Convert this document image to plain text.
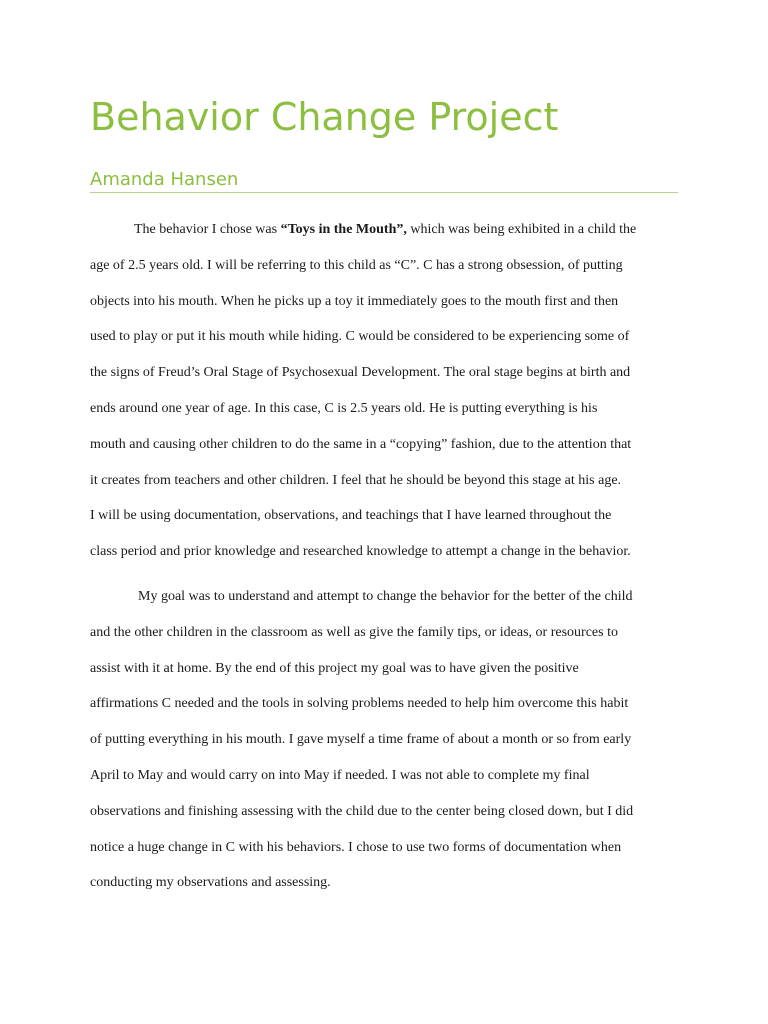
Behavior Change Project
Amanda Hansen
The behavior I chose was “Toys in the Mouth”, which was being exhibited in a child the
age of 2.5 years old. I will be referring to this child as “C”. C has a strong obsession, of putting
objects into his mouth. When he picks up a toy it immediately goes to the mouth first and then
used to play or put it his mouth while hiding. C would be considered to be experiencing some of
the signs of Freud’s Oral Stage of Psychosexual Development. The oral stage begins at birth and
ends around one year of age. In this case, C is 2.5 years old. He is putting everything is his
mouth and causing other children to do the same in a “copying” fashion, due to the attention that
it creates from teachers and other children. I feel that he should be beyond this stage at his age.
I will be using documentation, observations, and teachings that I have learned throughout the
class period and prior knowledge and researched knowledge to attempt a change in the behavior.
My goal was to understand and attempt to change the behavior for the better of the child
and the other children in the classroom as well as give the family tips, or ideas, or resources to
assist with it at home. By the end of this project my goal was to have given the positive
affirmations C needed and the tools in solving problems needed to help him overcome this habit
of putting everything in his mouth. I gave myself a time frame of about a month or so from early
April to May and would carry on into May if needed. I was not able to complete my final
observations and finishing assessing with the child due to the center being closed down, but I did
notice a huge change in C with his behaviors. I chose to use two forms of documentation when
conducting my observations and assessing.
